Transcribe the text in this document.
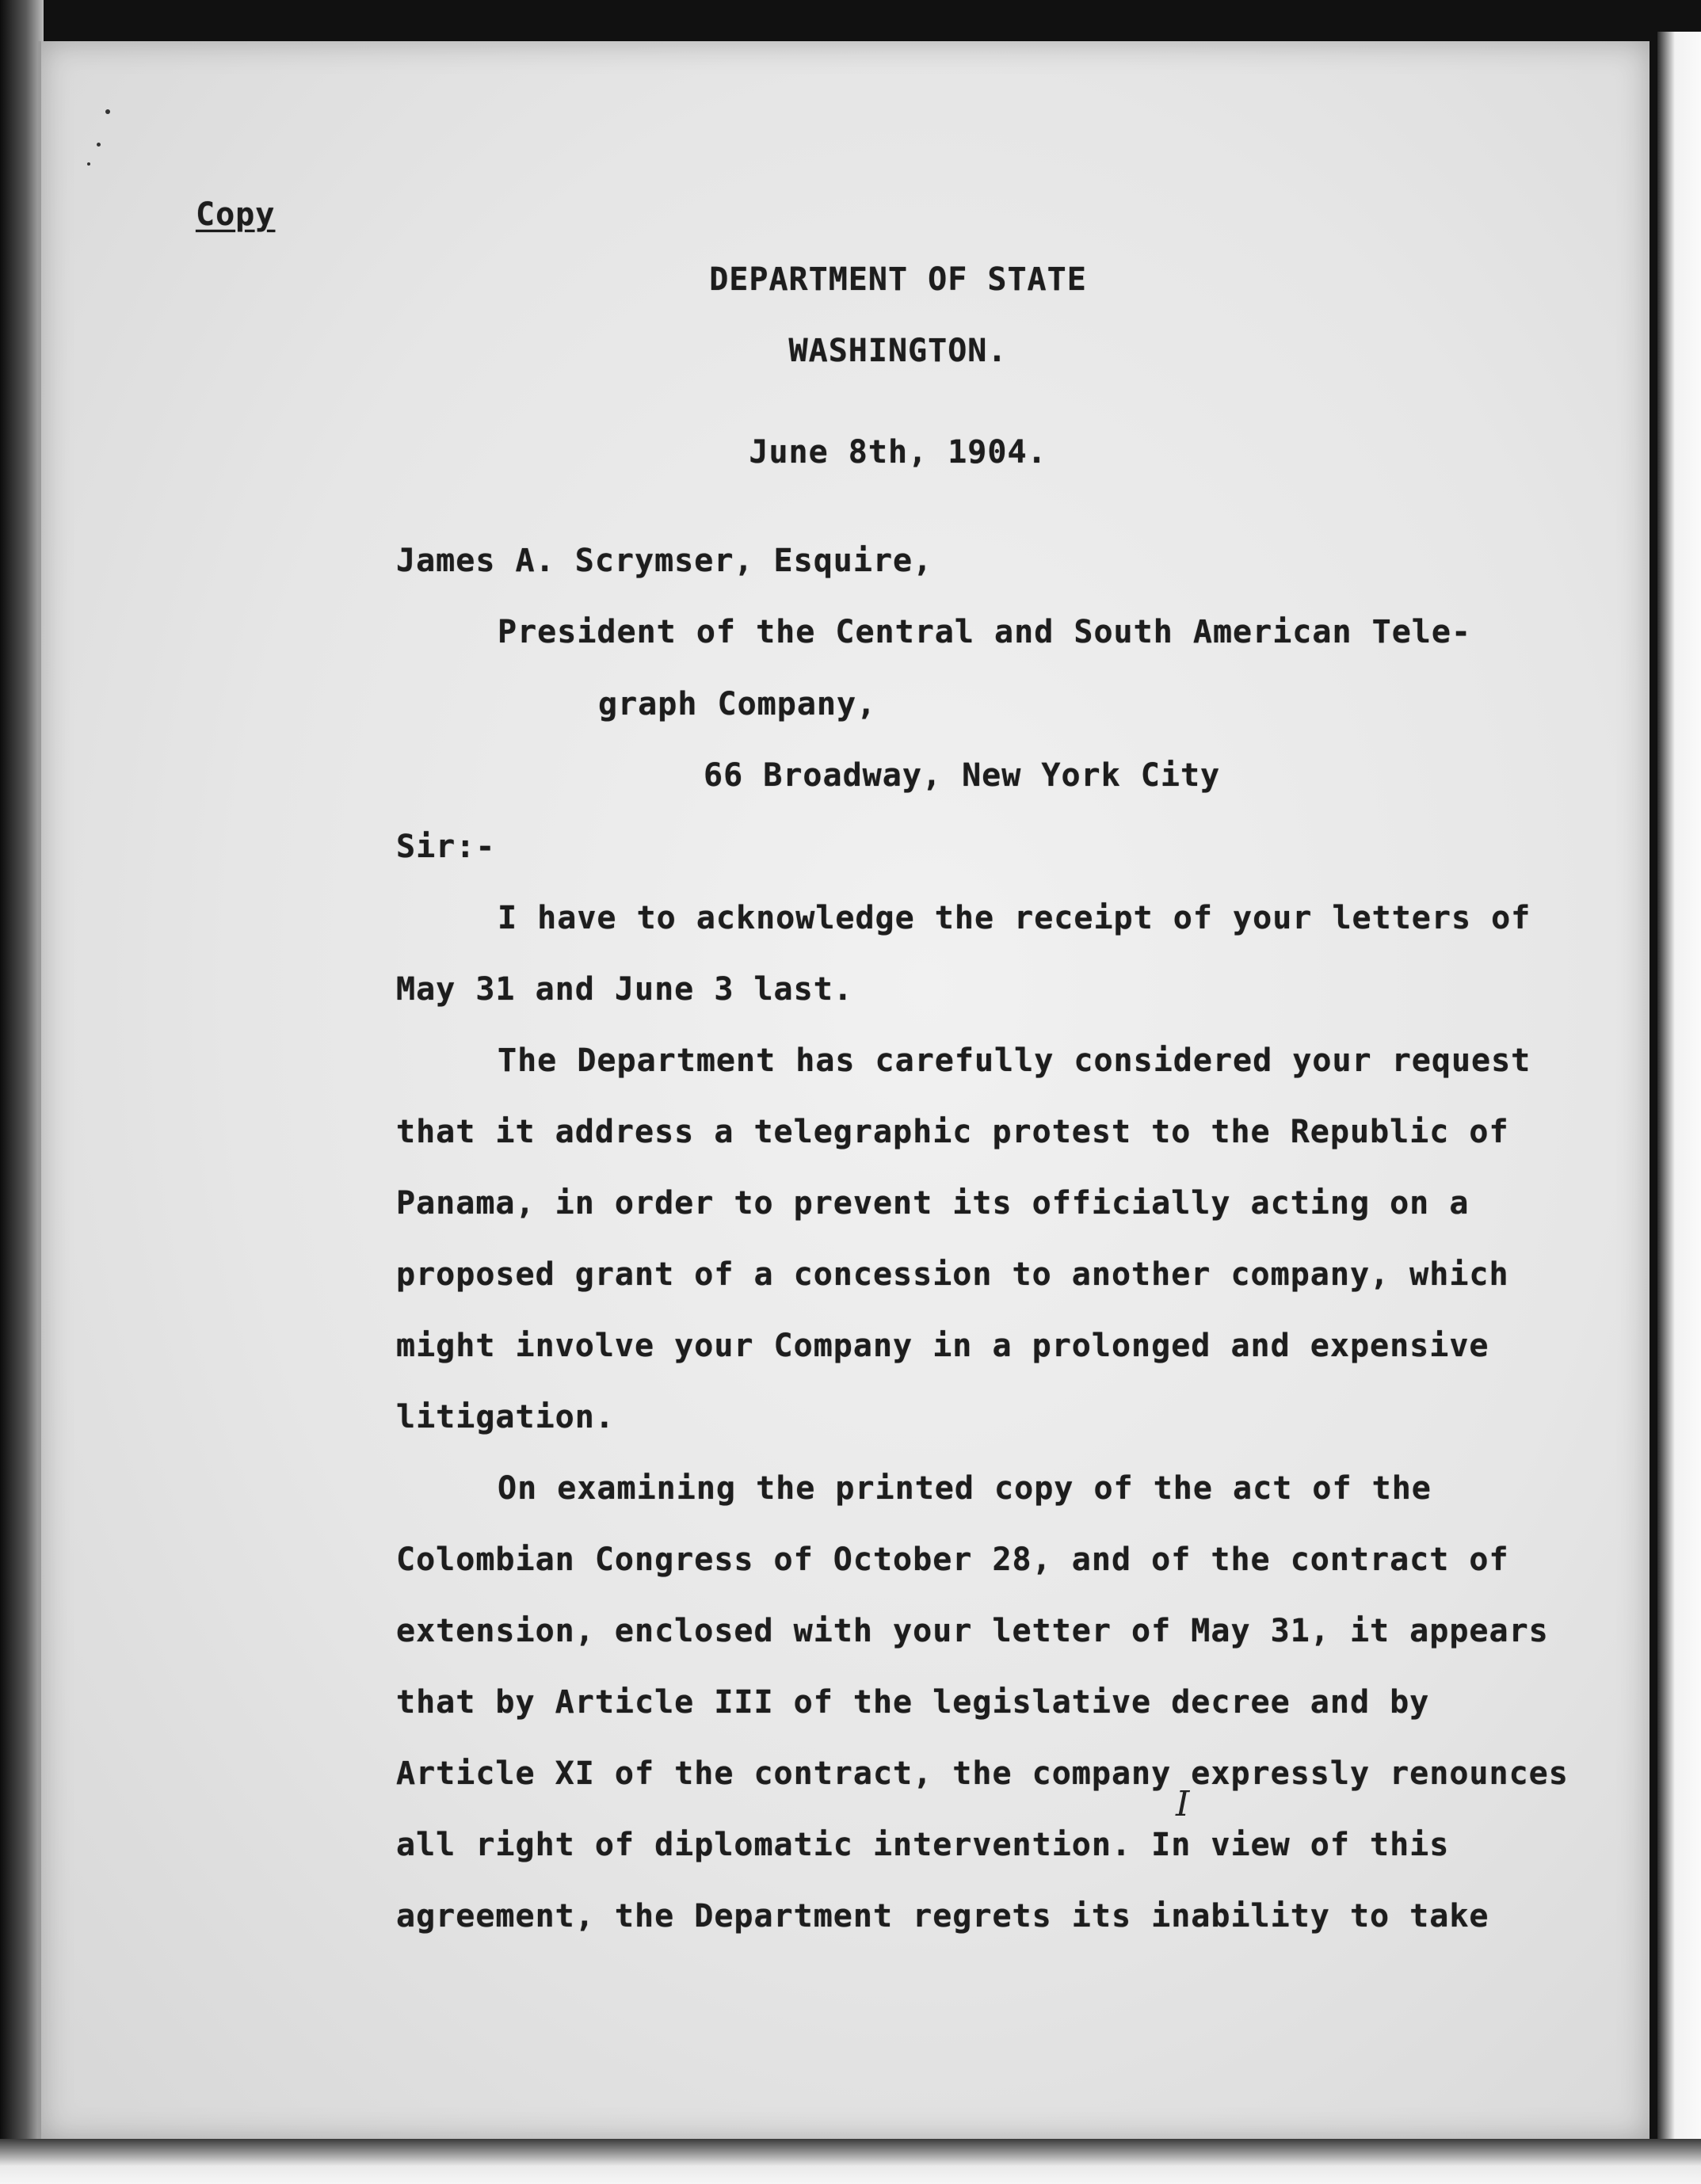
Copy
DEPARTMENT OF STATE
WASHINGTON.
June 8th, 1904.
James A. Scrymser, Esquire,
President of the Central and South American Tele-
graph Company,
66 Broadway, New York City
Sir:-
I have to acknowledge the receipt of your letters of
May 31 and June 3 last.
The Department has carefully considered your request
that it address a telegraphic protest to the Republic of
Panama, in order to prevent its officially acting on a
proposed grant of a concession to another company, which
might involve your Company in a prolonged and expensive
litigation.
On examining the printed copy of the act of the
Colombian Congress of October 28, and of the contract of
extension, enclosed with your letter of May 31, it appears
that by Article III of the legislative decree and by
Article XI of the contract, the company expressly renounces
all right of diplomatic intervention. In view of this
agreement, the Department regrets its inability to take
I
